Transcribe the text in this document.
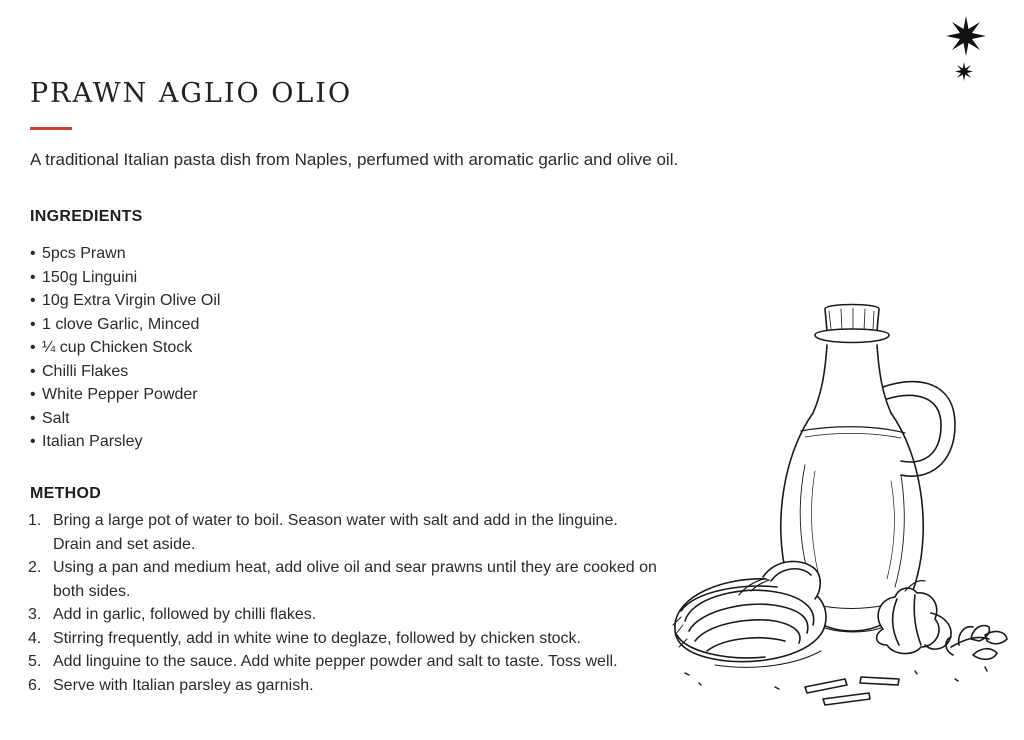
PRAWN AGLIO OLIO

A traditional Italian pasta dish from Naples, perfumed with aromatic garlic and olive oil.

INGREDIENTS
• 5pcs Prawn
• 150g Linguini
• 10g Extra Virgin Olive Oil
• 1 clove Garlic, Minced
• ¼ cup Chicken Stock
• Chilli Flakes
• White Pepper Powder
• Salt
• Italian Parsley
METHOD
1. Bring a large pot of water to boil. Season water with salt and add in the linguine. Drain and set aside.
2. Using a pan and medium heat, add olive oil and sear prawns until they are cooked on both sides.
3. Add in garlic, followed by chilli flakes.
4. Stirring frequently, add in white wine to deglaze, followed by chicken stock.
5. Add linguine to the sauce. Add white pepper powder and salt to taste. Toss well.
6. Serve with Italian parsley as garnish.
